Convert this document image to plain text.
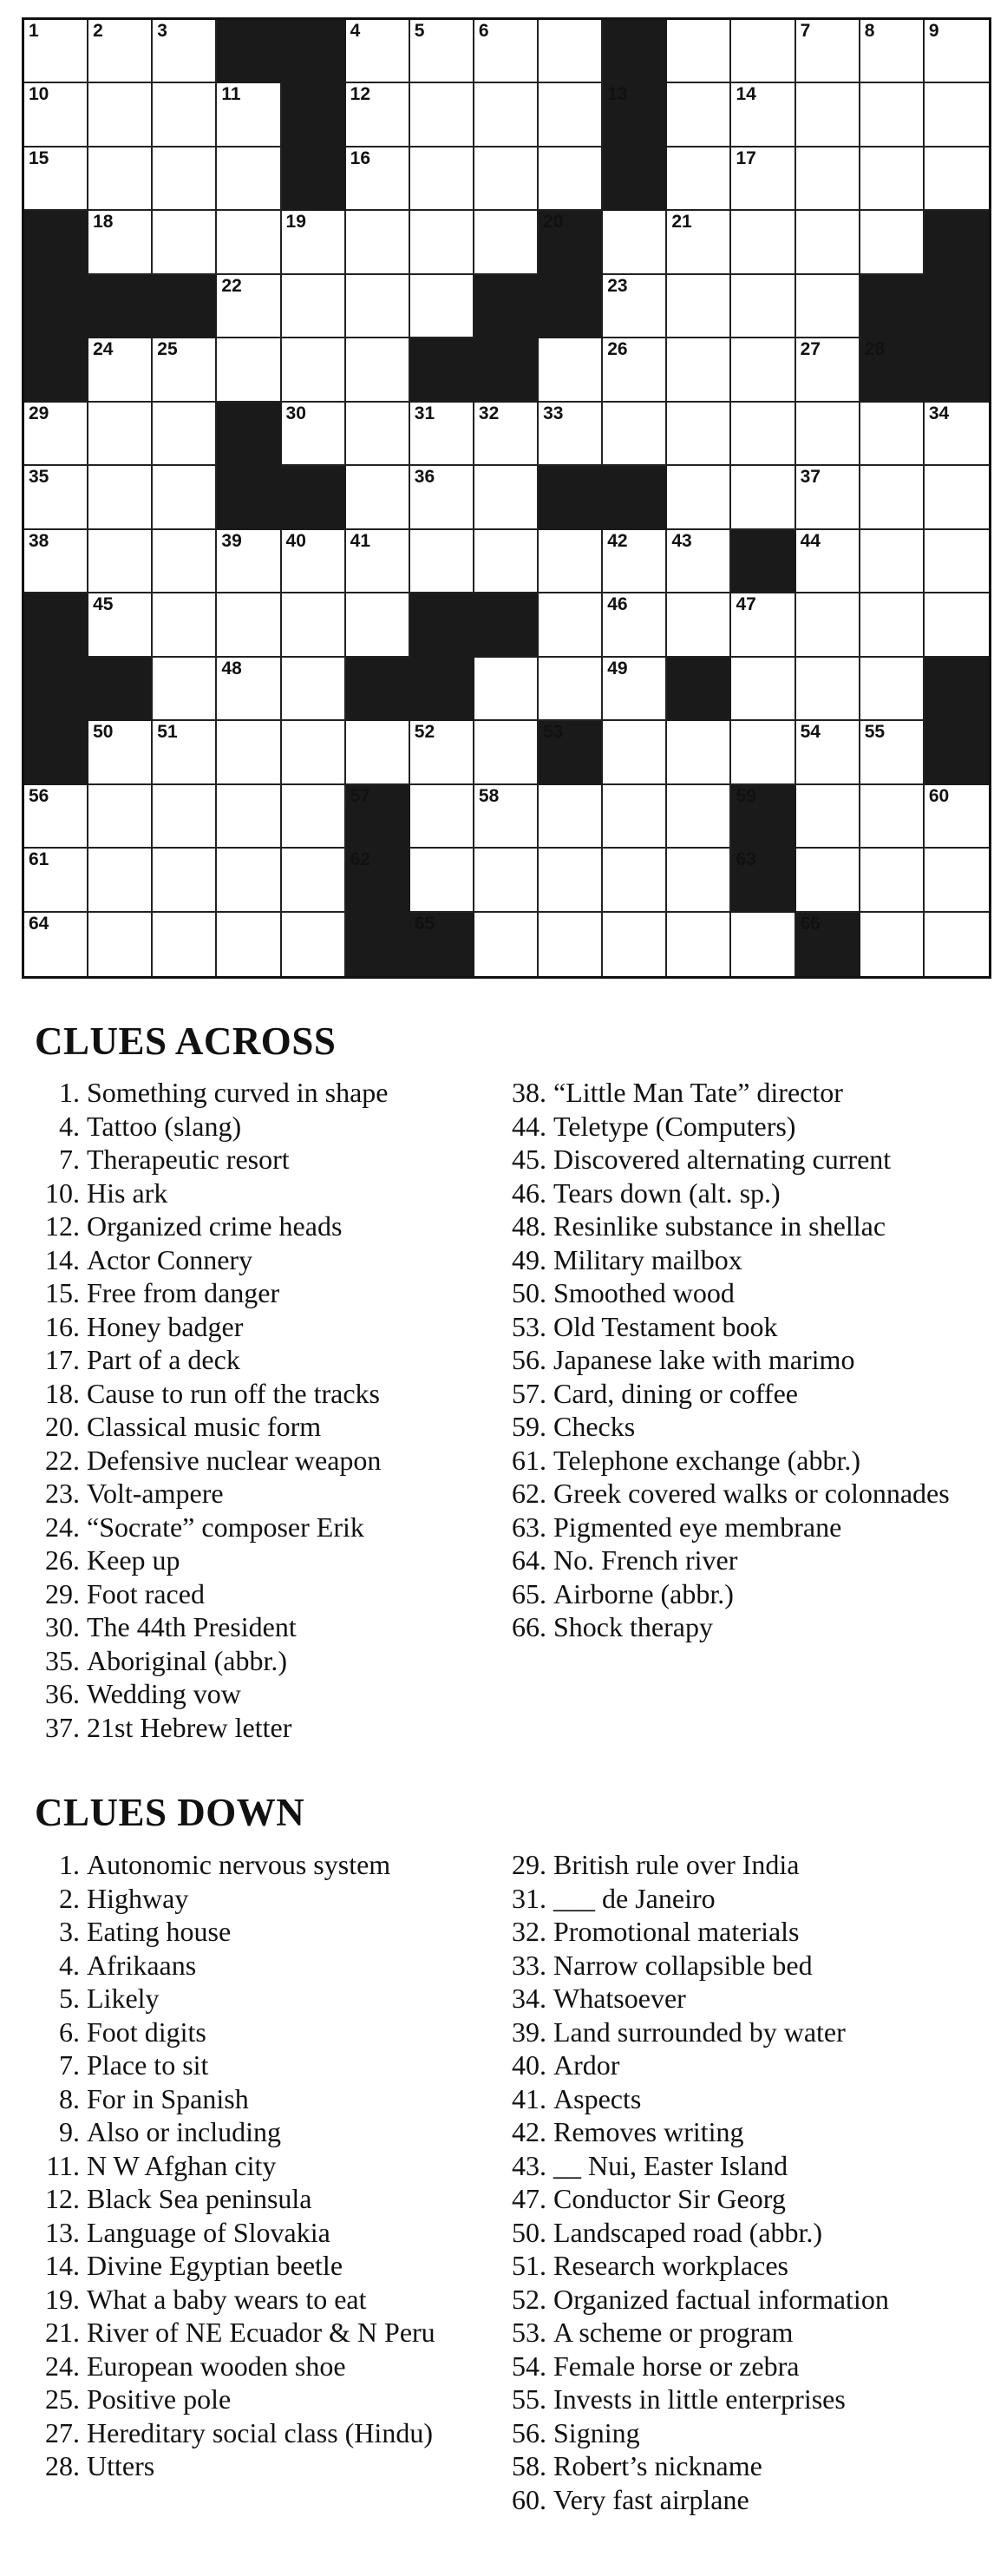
1	2	3	4	5	6	7	8	9
10	11	12	13	14
15	16	17
18	19	20	21
22	23
24 25	26	27 28
29	30	31 32 33	34
35	36	37
38	39 40 41	42 43	44
45	46	47
48	49
50 51	52	53	54 55
56	57	58	59	60
61	62	63
64	65	66
CLUES ACROSS
1. Something curved in shape
4. Tattoo (slang)
7. Therapeutic resort
10. His ark
12. Organized crime heads
14. Actor Connery
15. Free from danger
16. Honey badger
17. Part of a deck
18. Cause to run off the tracks
20. Classical music form
22. Defensive nuclear weapon
23. Volt-ampere
24. “Socrate” composer Erik
26. Keep up
29. Foot raced
30. The 44th President
35. Aboriginal (abbr.)
36. Wedding vow
37. 21st Hebrew letter
38. “Little Man Tate” director
44. Teletype (Computers)
45. Discovered alternating current
46. Tears down (alt. sp.)
48. Resinlike substance in shellac
49. Military mailbox
50. Smoothed wood
53. Old Testament book
56. Japanese lake with marimo
57. Card, dining or coffee
59. Checks
61. Telephone exchange (abbr.)
62. Greek covered walks or colonnades
63. Pigmented eye membrane
64. No. French river
65. Airborne (abbr.)
66. Shock therapy
CLUES DOWN
1. Autonomic nervous system
2. Highway
3. Eating house
4. Afrikaans
5. Likely
6. Foot digits
7. Place to sit
8. For in Spanish
9. Also or including
11. N W Afghan city
12. Black Sea peninsula
13. Language of Slovakia
14. Divine Egyptian beetle
19. What a baby wears to eat
21. River of NE Ecuador & N Peru
24. European wooden shoe
25. Positive pole
27. Hereditary social class (Hindu)
28. Utters
29. British rule over India
31. ___ de Janeiro
32. Promotional materials
33. Narrow collapsible bed
34. Whatsoever
39. Land surrounded by water
40. Ardor
41. Aspects
42. Removes writing
43. __ Nui, Easter Island
47. Conductor Sir Georg
50. Landscaped road (abbr.)
51. Research workplaces
52. Organized factual information
53. A scheme or program
54. Female horse or zebra
55. Invests in little enterprises
56. Signing
58. Robert’s nickname
60. Very fast airplane
